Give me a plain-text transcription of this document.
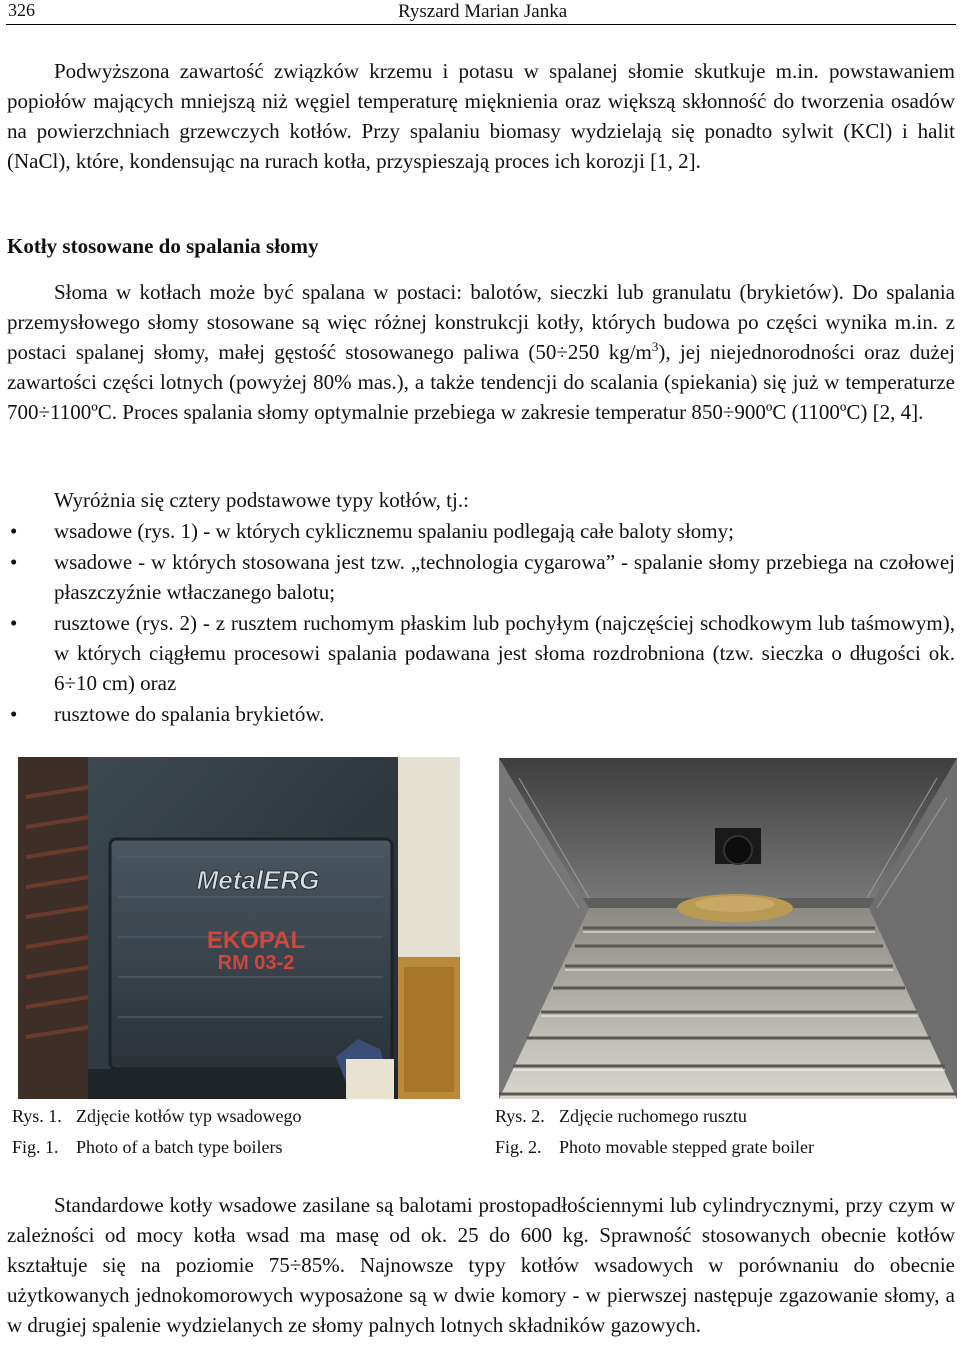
326	Ryszard Marian Janka

Podwyższona zawartość związków krzemu i potasu w spalanej słomie skutkuje m.in. powstawaniem popiołów mających mniejszą niż węgiel temperaturę mięknienia oraz większą skłonność do tworzenia osadów na powierzchniach grzewczych kotłów. Przy spalaniu biomasy wydzielają się ponadto sylwit (KCl) i halit (NaCl), które, kondensując na rurach kotła, przyspieszają proces ich korozji [1, 2].

Kotły stosowane do spalania słomy

Słoma w kotłach może być spalana w postaci: balotów, sieczki lub granulatu (brykietów). Do spalania przemysłowego słomy stosowane są więc różnej konstrukcji kotły, których budowa po części wynika m.in. z postaci spalanej słomy, małej gęstość stosowanego paliwa (50÷250 $kg/m^3$), jej niejednorodności oraz dużej zawartości części lotnych (powyżej 80% mas.), a także tendencji do scalania (spiekania) się już w temperaturze 700÷1100ºC. Proces spalania słomy optymalnie przebiega w zakresie temperatur 850÷900ºC (1100ºC) [2, 4].

Wyróżnia się cztery podstawowe typy kotłów, tj.:

• wsadowe (rys. 1) - w których cyklicznemu spalaniu podlegają całe baloty słomy;
• wsadowe - w których stosowana jest tzw. „technologia cygarowa” - spalanie słomy przebiega na czołowej płaszczyźnie wtłaczanego balotu;
• rusztowe (rys. 2) - z rusztem ruchomym płaskim lub pochyłym (najczęściej schodkowym lub taśmowym), w których ciągłemu procesowi spalania podawana jest słoma rozdrobniona (tzw. sieczka o długości ok. 6÷10 cm) oraz
• rusztowe do spalania brykietów.
MetalERG
EKOPAL
RM 03-2
Rys. 1. Zdjęcie kotłów typ wsadowego
Fig. 1. Photo of a batch type boilers
Rys. 2. Zdjęcie ruchomego rusztu
Fig. 2. Photo movable stepped grate boiler

Standardowe kotły wsadowe zasilane są balotami prostopadłościennymi lub cylindrycznymi, przy czym w zależności od mocy kotła wsad ma masę od ok. 25 do 600 kg. Sprawność stosowanych obecnie kotłów kształtuje się na poziomie 75÷85%. Najnowsze typy kotłów wsadowych w porównaniu do obecnie użytkowanych jednokomorowych wyposażone są w dwie komory - w pierwszej następuje zgazowanie słomy, a w drugiej spalenie wydzielanych ze słomy palnych lotnych składników gazowych.
